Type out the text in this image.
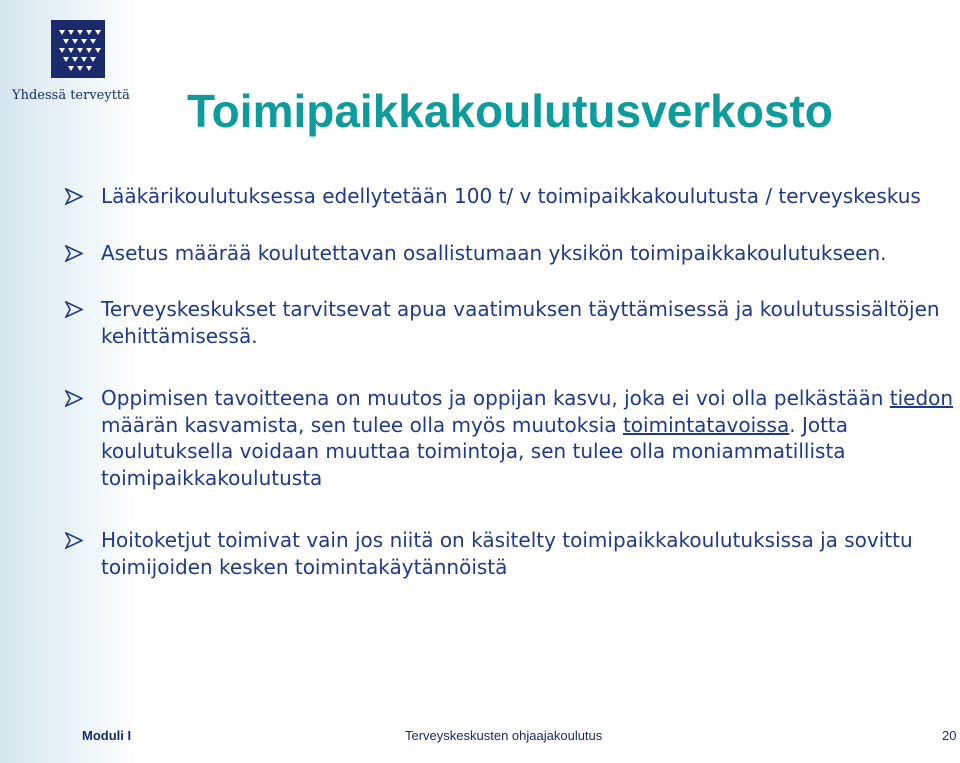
Yhdessä terveyttä Toimipaikkakoulutusverkosto
Lääkärikoulutuksessa edellytetään 100 t/ v toimipaikkakoulutusta / terveyskeskus
Asetus määrää koulutettavan osallistumaan yksikön toimipaikkakoulutukseen.
Terveyskeskukset tarvitsevat apua vaatimuksen täyttämisessä ja koulutussisältöjen kehittämisessä.
Oppimisen tavoitteena on muutos ja oppijan kasvu, joka ei voi olla pelkästään tiedon määrän kasvamista, sen tulee olla myös muutoksia toimintatavoissa. Jotta koulutuksella voidaan muuttaa toimintoja, sen tulee olla moniammatillista toimipaikkakoulutusta
Hoitoketjut toimivat vain jos niitä on käsitelty toimipaikkakoulutuksissa ja sovittu toimijoiden kesken toimintakäytännöistä
Moduli I	Terveyskeskusten ohjaajakoulutus	20
